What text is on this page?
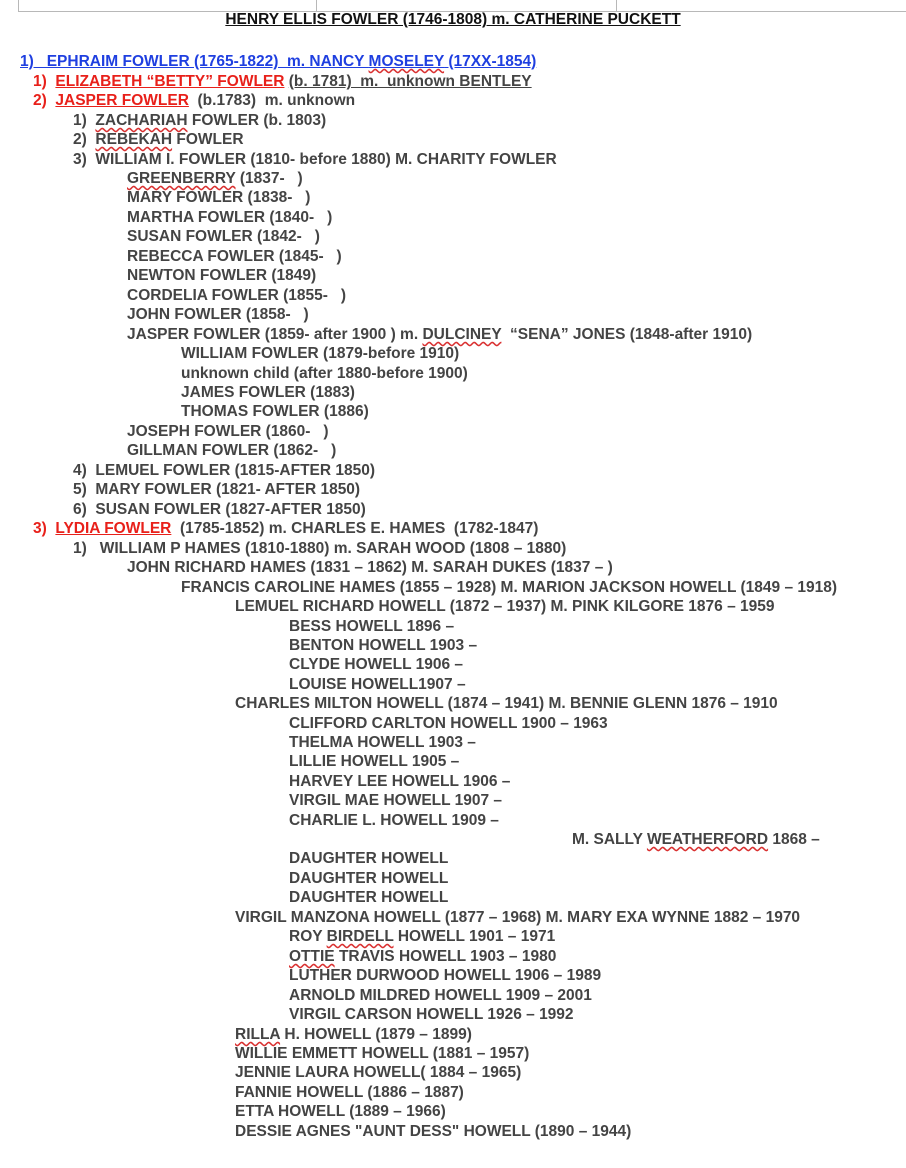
HENRY ELLIS FOWLER (1746-1808) m. CATHERINE PUCKETT
1)   EPHRAIM FOWLER (1765-1822)  m. NANCY MOSELEY (17XX-1854)
1)  ELIZABETH “BETTY” FOWLER (b. 1781)  m.  unknown BENTLEY
2)  JASPER FOWLER  (b.1783)  m. unknown
1)  ZACHARIAH FOWLER (b. 1803)
2)  REBEKAH FOWLER
3)  WILLIAM I. FOWLER (1810- before 1880) M. CHARITY FOWLER
GREENBERRY (1837-   )
MARY FOWLER (1838-   )
MARTHA FOWLER (1840-   )
SUSAN FOWLER (1842-   )
REBECCA FOWLER (1845-   )
NEWTON FOWLER (1849)
CORDELIA FOWLER (1855-   )
JOHN FOWLER (1858-   )
JASPER FOWLER (1859- after 1900 ) m. DULCINEY  “SENA” JONES (1848-after 1910)
WILLIAM FOWLER (1879-before 1910)
unknown child (after 1880-before 1900)
JAMES FOWLER (1883)
THOMAS FOWLER (1886)
JOSEPH FOWLER (1860-   )
GILLMAN FOWLER (1862-   )
4)  LEMUEL FOWLER (1815-AFTER 1850)
5)  MARY FOWLER (1821- AFTER 1850)
6)  SUSAN FOWLER (1827-AFTER 1850)
3)  LYDIA FOWLER  (1785-1852) m. CHARLES E. HAMES  (1782-1847)
1)   WILLIAM P HAMES (1810-1880) m. SARAH WOOD (1808 – 1880)
JOHN RICHARD HAMES (1831 – 1862) M. SARAH DUKES (1837 – )
FRANCIS CAROLINE HAMES (1855 – 1928) M. MARION JACKSON HOWELL (1849 – 1918)
LEMUEL RICHARD HOWELL (1872 – 1937) M. PINK KILGORE 1876 – 1959
BESS HOWELL 1896 –
BENTON HOWELL 1903 –
CLYDE HOWELL 1906 –
LOUISE HOWELL1907 –
CHARLES MILTON HOWELL (1874 – 1941) M. BENNIE GLENN 1876 – 1910
CLIFFORD CARLTON HOWELL 1900 – 1963
THELMA HOWELL 1903 –
LILLIE HOWELL 1905 –
HARVEY LEE HOWELL 1906 –
VIRGIL MAE HOWELL 1907 –
CHARLIE L. HOWELL 1909 –
M. SALLY WEATHERFORD 1868 –
DAUGHTER HOWELL
DAUGHTER HOWELL
DAUGHTER HOWELL
VIRGIL MANZONA HOWELL (1877 – 1968) M. MARY EXA WYNNE 1882 – 1970
ROY BIRDELL HOWELL 1901 – 1971
OTTIE TRAVIS HOWELL 1903 – 1980
LUTHER DURWOOD HOWELL 1906 – 1989
ARNOLD MILDRED HOWELL 1909 – 2001
VIRGIL CARSON HOWELL 1926 – 1992
RILLA H. HOWELL (1879 – 1899)
WILLIE EMMETT HOWELL (1881 – 1957)
JENNIE LAURA HOWELL( 1884 – 1965)
FANNIE HOWELL (1886 – 1887)
ETTA HOWELL (1889 – 1966)
DESSIE AGNES "AUNT DESS" HOWELL (1890 – 1944)
